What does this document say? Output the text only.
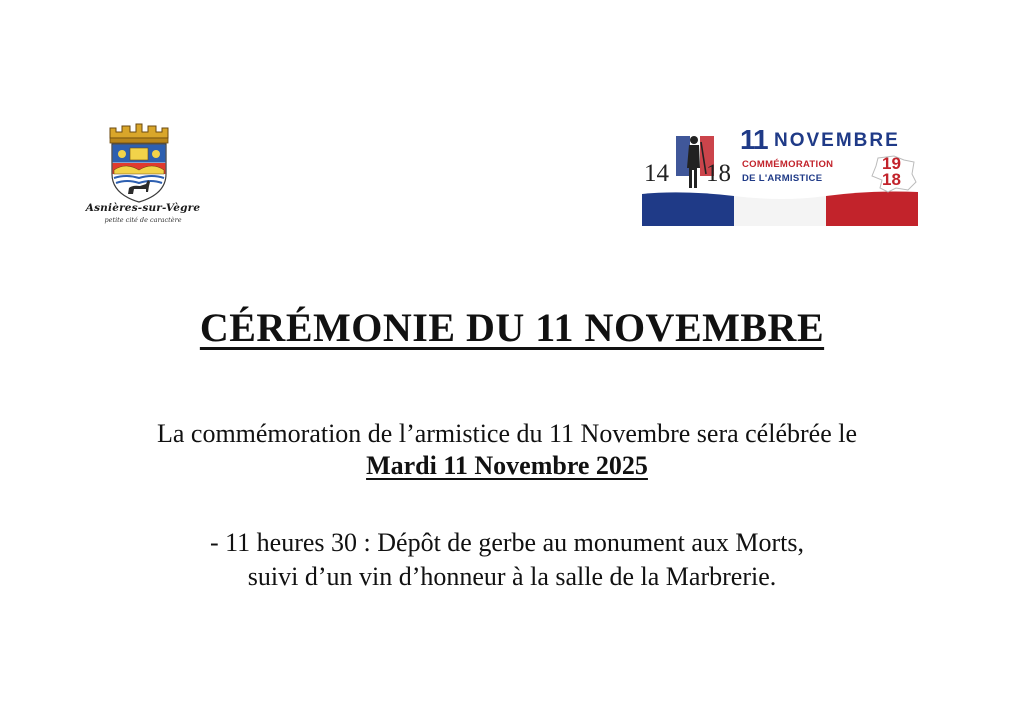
Asnières-sur-Vègre
petite cité de caractère
14 18
11 NOVEMBRE
COMMÉMORATION
DE L'ARMISTICE
19
18
CÉRÉMONIE DU 11 NOVEMBRE
La commémoration de l’armistice du 11 Novembre sera célébrée le
Mardi 11 Novembre 2025
- 11 heures 30 : Dépôt de gerbe au monument aux Morts,
suivi d’un vin d’honneur à la salle de la Marbrerie.
